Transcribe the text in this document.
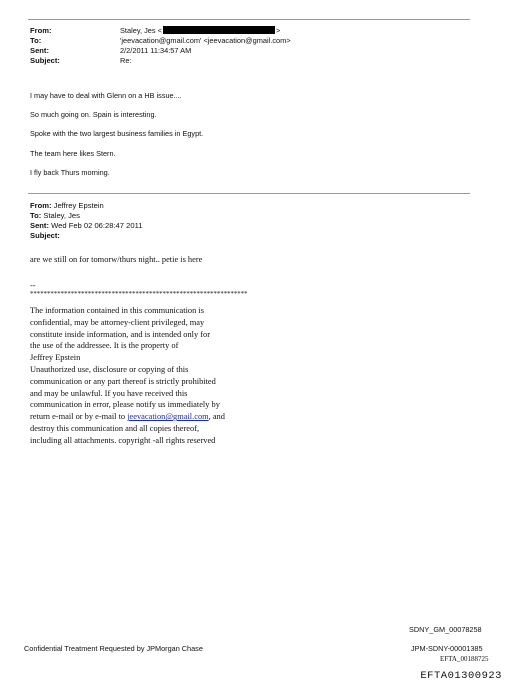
From:	Staley, Jes <	>
To:	'jeevacation@gmail.com' <jeevacation@gmail.com>
Sent:	2/2/2011 11:34:57 AM
Subject:	Re:
I may have to deal with Glenn on a HB issue....
So much going on. Spain is interesting.
Spoke with the two largest business families in Egypt.
The team here likes Stern.
I fly back Thurs morning.
From: Jeffrey Epstein
To: Staley, Jes
Sent: Wed Feb 02 06:28:47 2011
Subject:
are we still on for tomorw/thurs night.. petie is here
--
****************************************************************
The information contained in this communication is
confidential, may be attorney-client privileged, may
constitute inside information, and is intended only for
the use of the addressee. It is the property of
Jeffrey Epstein
Unauthorized use, disclosure or copying of this
communication or any part thereof is strictly prohibited
and may be unlawful. If you have received this
communication in error, please notify us immediately by
return e-mail or by e-mail to jeevacation@gmail.com, and
destroy this communication and all copies thereof,
including all attachments. copyright -all rights reserved
SDNY_GM_00078258
Confidential Treatment Requested by JPMorgan Chase	JPM-SDNY-00001385
EFTA_00188725
EFTA01300923
